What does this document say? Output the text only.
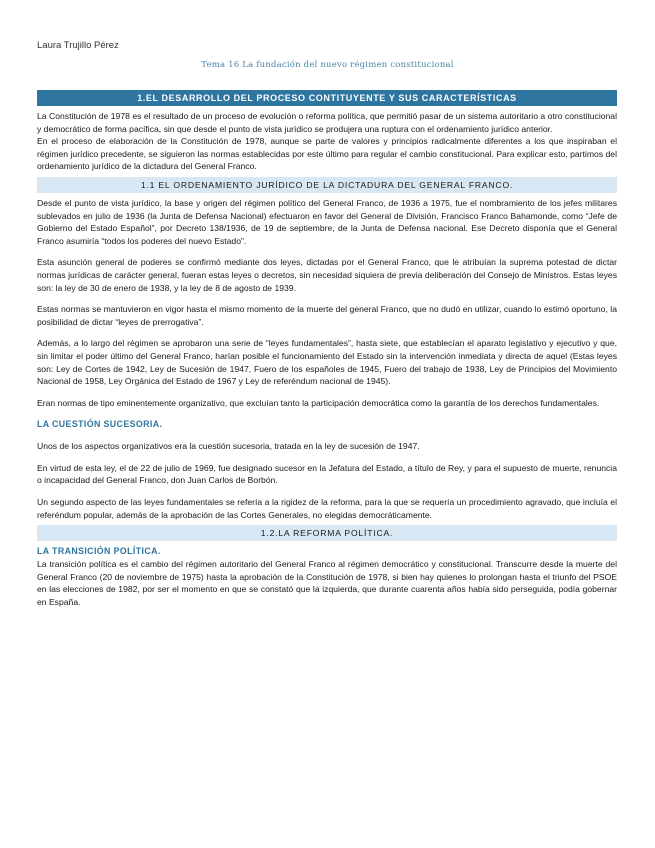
Laura Trujillo Pérez
Tema 16 La fundación del nuevo régimen constitucional
1.EL DESARROLLO DEL PROCESO CONTITUYENTE Y SUS CARACTERÍSTICAS

La Constitución de 1978 es el resultado de un proceso de evolución o reforma política, que permitió pasar de un sistema autoritario a otro constitucional y democrático de forma pacífica, sin que desde el punto de vista jurídico se produjera una ruptura con el ordenamiento jurídico anterior.

En el proceso de elaboración de la Constitución de 1978, aunque se parte de valores y principios radicalmente diferentes a los que inspiraban el régimen jurídico precedente, se siguieron las normas establecidas por este último para regular el cambio constitucional. Para explicar esto, partimos del ordenamiento jurídico de la dictadura del General Franco.

1.1 EL ORDENAMIENTO JURÍDICO DE LA DICTADURA DEL GENERAL FRANCO.

Desde el punto de vista jurídico, la base y origen del régimen político del General Franco, de 1936 a 1975, fue el nombramiento de los jefes militares sublevados en julio de 1936 (la Junta de Defensa Nacional) efectuaron en favor del General de División, Francisco Franco Bahamonde, como “Jefe de Gobierno del Estado Español”, por Decreto 138/1936, de 19 de septiembre, de la Junta de Defensa nacional. Ese Decreto disponía que el General Franco asumiría “todos los poderes del nuevo Estado”.

Esta asunción general de poderes se confirmó mediante dos leyes, dictadas por el General Franco, que le atribuían la suprema potestad de dictar normas jurídicas de carácter general, fueran estas leyes o decretos, sin necesidad siquiera de previa deliberación del Consejo de Ministros. Estas leyes son: la ley de 30 de enero de 1938, y la ley de 8 de agosto de 1939.

Estas normas se mantuvieron en vigor hasta el mismo momento de la muerte del general Franco, que no dudó en utilizar, cuando lo estimó oportuno, la posibilidad de dictar “leyes de prerrogativa”.

Además, a lo largo del régimen se aprobaron una serie de “leyes fundamentales”, hasta siete, que establecían el aparato legislativo y ejecutivo y que, sin limitar el poder último del General Franco, harían posible el funcionamiento del Estado sin la intervención inmediata y directa de aquel (Estas leyes son: Ley de Cortes de 1942, Ley de Sucesión de 1947, Fuero de los españoles de 1945, Fuero del trabajo de 1938, Ley de Principios del Movimiento Nacional de 1958, Ley Orgánica del Estado de 1967 y Ley de referéndum nacional de 1945).

Eran normas de tipo eminentemente organizativo, que excluían tanto la participación democrática como la garantía de los derechos fundamentales.

LA CUESTIÓN SUCESORIA.

Unos de los aspectos organizativos era la cuestión sucesoria, tratada en la ley de sucesión de 1947.

En virtud de esta ley, el de 22 de julio de 1969, fue designado sucesor en la Jefatura del Estado, a título de Rey, y para el supuesto de muerte, renuncia o incapacidad del General Franco, don Juan Carlos de Borbón.

Un segundo aspecto de las leyes fundamentales se refería a la rigidez de la reforma, para la que se requería un procedimiento agravado, que incluía el referéndum popular, además de la aprobación de las Cortes Generales, no elegidas democráticamente.

1.2.LA REFORMA POLÍTICA.
LA TRANSICIÓN POLÍTICA.

La transición política es el cambio del régimen autoritario del General Franco al régimen democrático y constitucional. Transcurre desde la muerte del General Franco (20 de noviembre de 1975) hasta la aprobación de la Constitución de 1978, si bien hay quienes lo prolongan hasta el triunfo del PSOE en las elecciones de 1982, por ser el momento en que se constató que la izquierda, que durante cuarenta años había sido perseguida, podía gobernar en España.
